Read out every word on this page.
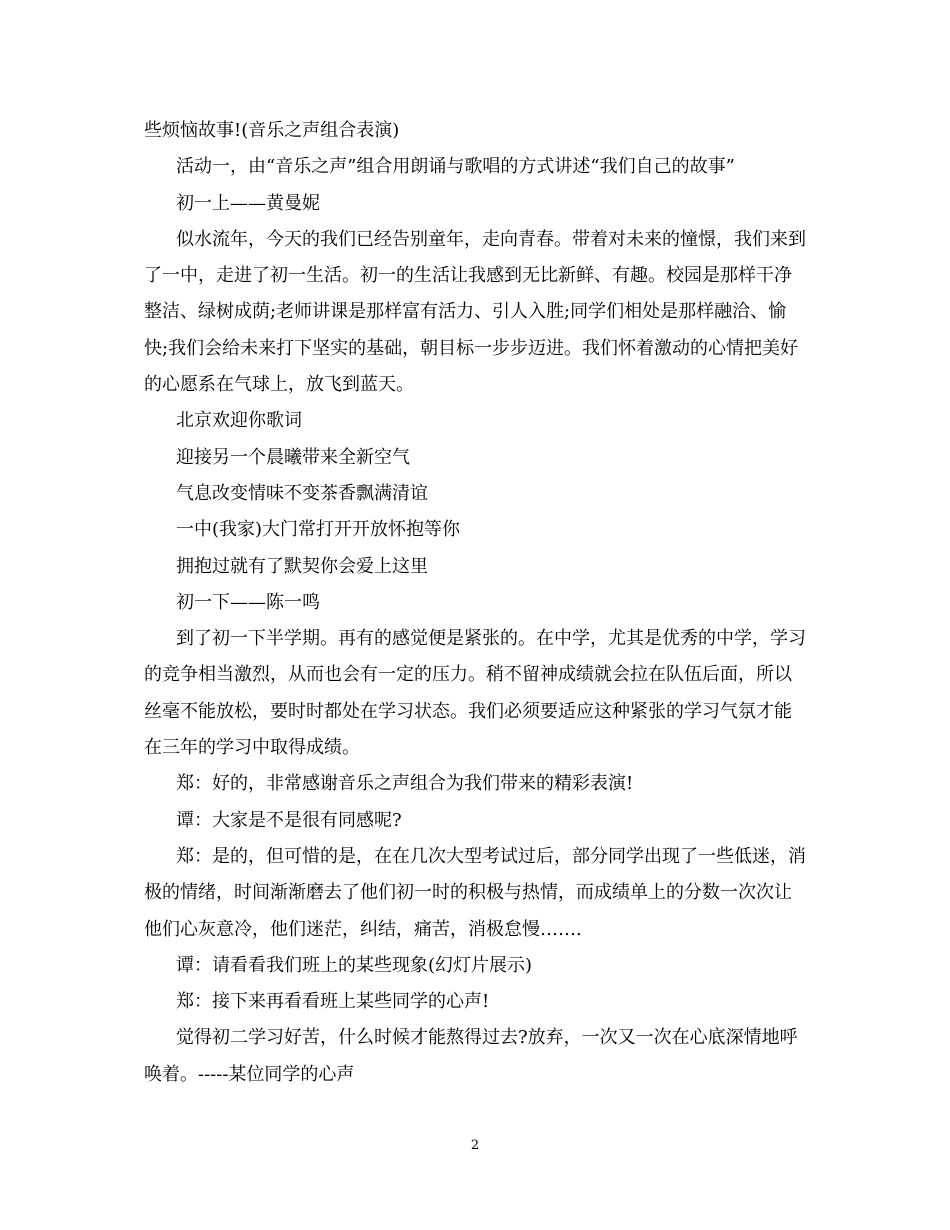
些烦恼故事!(音乐之声组合表演)

活动一，由“音乐之声”组合用朗诵与歌唱的方式讲述“我们自己的故事”

初一上——黄曼妮

似水流年，今天的我们已经告别童年，走向青春。带着对未来的憧憬，我们来到了一中，走进了初一生活。初一的生活让我感到无比新鲜、有趣。校园是那样干净整洁、绿树成荫;老师讲课是那样富有活力、引人入胜;同学们相处是那样融洽、愉快;我们会给未来打下坚实的基础，朝目标一步步迈进。我们怀着激动的心情把美好的心愿系在气球上，放飞到蓝天。

北京欢迎你歌词

迎接另一个晨曦带来全新空气

气息改变情味不变茶香飘满清谊

一中(我家)大门常打开开放怀抱等你

拥抱过就有了默契你会爱上这里

初一下——陈一鸣

到了初一下半学期。再有的感觉便是紧张的。在中学，尤其是优秀的中学，学习的竞争相当激烈，从而也会有一定的压力。稍不留神成绩就会拉在队伍后面，所以丝毫不能放松，要时时都处在学习状态。我们必须要适应这种紧张的学习气氛才能在三年的学习中取得成绩。

郑：好的，非常感谢音乐之声组合为我们带来的精彩表演!

谭：大家是不是很有同感呢?

郑：是的，但可惜的是，在在几次大型考试过后，部分同学出现了一些低迷，消极的情绪，时间渐渐磨去了他们初一时的积极与热情，而成绩单上的分数一次次让他们心灰意冷，他们迷茫，纠结，痛苦，消极怠慢…….

谭：请看看我们班上的某些现象(幻灯片展示)

郑：接下来再看看班上某些同学的心声!

觉得初二学习好苦，什么时候才能熬得过去?放弃，一次又一次在心底深情地呼唤着。-----某位同学的心声

2
